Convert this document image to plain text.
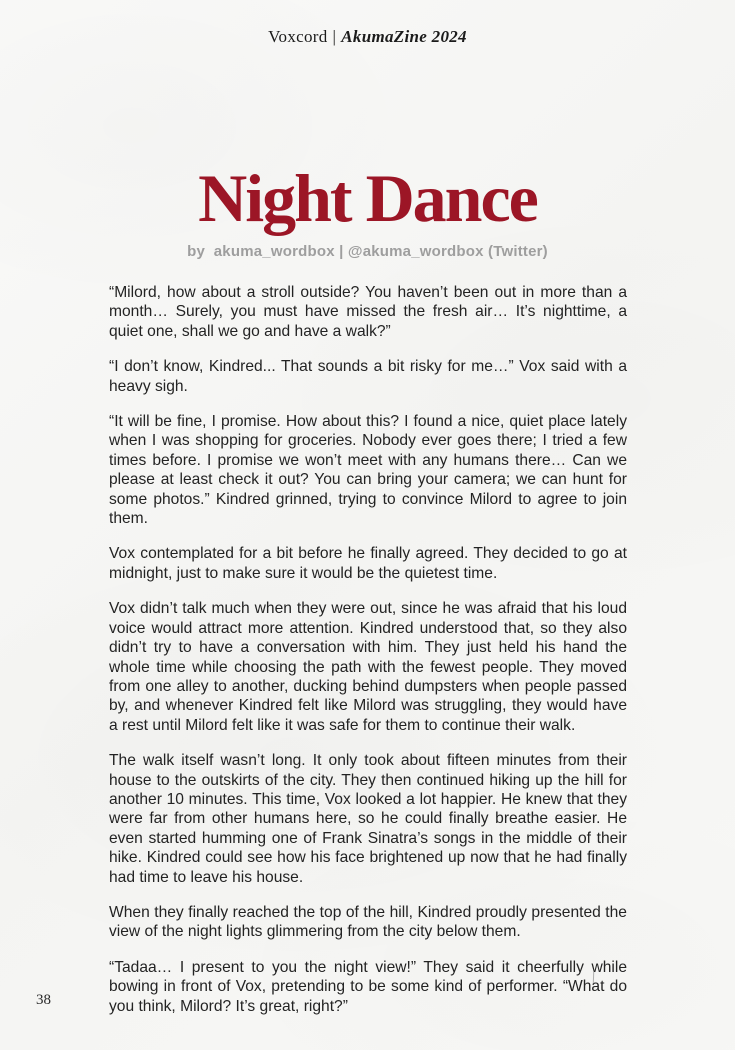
Voxcord | AkumaZine 2024
Night Dance
by  akuma_wordbox | @akuma_wordbox (Twitter)

“Milord, how about a stroll outside? You haven’t been out in more than a month… Surely, you must have missed the fresh air… It’s nighttime, a quiet one, shall we go and have a walk?”

“I don’t know, Kindred... That sounds a bit risky for me…” Vox said with a heavy sigh.

“It will be fine, I promise. How about this? I found a nice, quiet place lately when I was shopping for groceries. Nobody ever goes there; I tried a few times before. I promise we won’t meet with any humans there… Can we please at least check it out? You can bring your camera; we can hunt for some photos.” Kindred grinned, trying to convince Milord to agree to join them.

Vox contemplated for a bit before he finally agreed. They decided to go at midnight, just to make sure it would be the quietest time.

Vox didn’t talk much when they were out, since he was afraid that his loud voice would attract more attention. Kindred understood that, so they also didn’t try to have a conversation with him. They just held his hand the whole time while choosing the path with the fewest people. They moved from one alley to another, ducking behind dumpsters when people passed by, and whenever Kindred felt like Milord was struggling, they would have a rest until Milord felt like it was safe for them to continue their walk.

The walk itself wasn’t long. It only took about fifteen minutes from their house to the outskirts of the city. They then continued hiking up the hill for another 10 minutes. This time, Vox looked a lot happier. He knew that they were far from other humans here, so he could finally breathe easier. He even started humming one of Frank Sinatra’s songs in the middle of their hike. Kindred could see how his face brightened up now that he had finally had time to leave his house.

When they finally reached the top of the hill, Kindred proudly presented the view of the night lights glimmering from the city below them.

“Tadaa… I present to you the night view!” They said it cheerfully while bowing in front of Vox, pretending to be some kind of performer. “What do you think, Milord? It’s great, right?”

38
